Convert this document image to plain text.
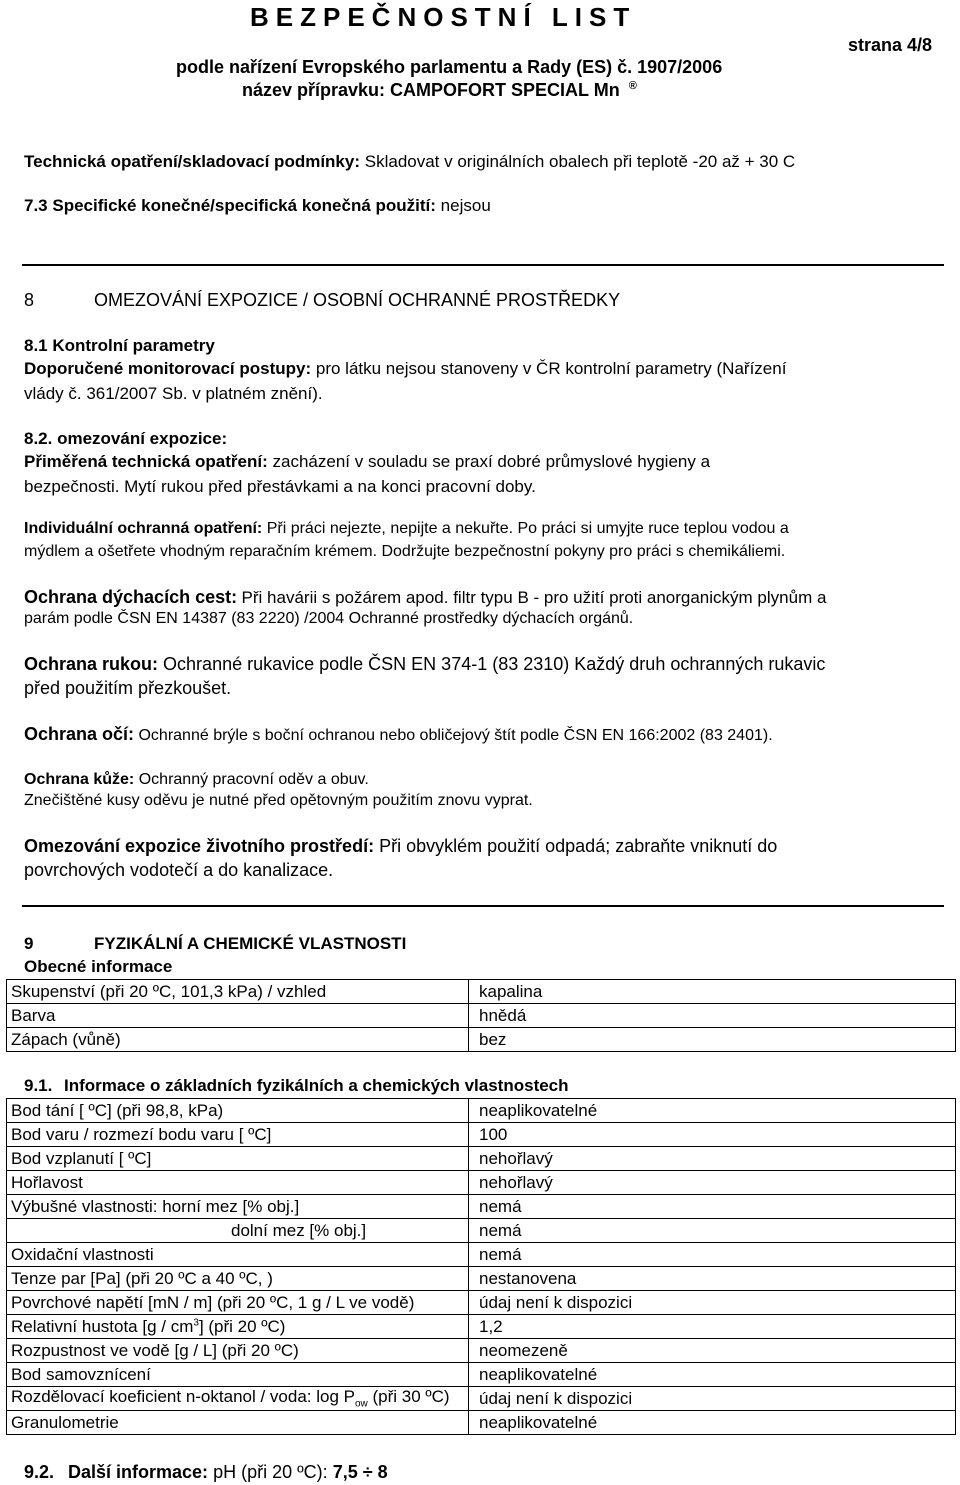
BEZPEČNOSTNÍ LIST
strana 4/8
podle nařízení Evropského parlamentu a Rady (ES) č. 1907/2006
název přípravku: CAMPOFORT SPECIAL Mn ®
Technická opatření/skladovací podmínky: Skladovat v originálních obalech při teplotě -20 až + 30 C
7.3 Specifické konečné/specifická konečná použití: nejsou
8	OMEZOVÁNÍ EXPOZICE / OSOBNÍ OCHRANNÉ PROSTŘEDKY
8.1 Kontrolní parametry
Doporučené monitorovací postupy: pro látku nejsou stanoveny v ČR kontrolní parametry (Nařízení
vlády č. 361/2007 Sb. v platném znění).
8.2. omezování expozice:
Přiměřená technická opatření: zacházení v souladu se praxí dobré průmyslové hygieny a
bezpečnosti. Mytí rukou před přestávkami a na konci pracovní doby.
Individuální ochranná opatření: Při práci nejezte, nepijte a nekuřte. Po práci si umyjte ruce teplou vodou a
mýdlem a ošetřete vhodným reparačním krémem. Dodržujte bezpečnostní pokyny pro práci s chemikáliemi.
Ochrana dýchacích cest: Při havárii s požárem apod. filtr typu B - pro užití proti anorganickým plynům a
parám podle ČSN EN 14387 (83 2220) /2004 Ochranné prostředky dýchacích orgánů.
Ochrana rukou: Ochranné rukavice podle ČSN EN 374-1 (83 2310) Každý druh ochranných rukavic
před použitím přezkoušet.
Ochrana očí: Ochranné brýle s boční ochranou nebo obličejový štít podle ČSN EN 166:2002 (83 2401).
Ochrana kůže: Ochranný pracovní oděv a obuv.
Znečištěné kusy oděvu je nutné před opětovným použitím znovu vyprat.
Omezování expozice životního prostředí: Při obvyklém použití odpadá; zabraňte vniknutí do
povrchových vodotečí a do kanalizace.
9	FYZIKÁLNÍ A CHEMICKÉ VLASTNOSTI
Obecné informace
Skupenství (při 20 ºC, 101,3 kPa) / vzhled	kapalina
Barva	hnědá
Zápach (vůně)	bez
9.1. Informace o základních fyzikálních a chemických vlastnostech
Bod tání [ ºC] (při 98,8, kPa)	neaplikovatelné
Bod varu / rozmezí bodu varu [ ºC]	100
Bod vzplanutí [ ºC]	nehořlavý
Hořlavost	nehořlavý
Výbušné vlastnosti: horní mez [% obj.]	nemá
dolní mez [% obj.]	nemá
Oxidační vlastnosti	nemá
Tenze par [Pa] (při 20 ºC a 40 ºC, )	nestanovena
Povrchové napětí [mN / m] (při 20 ºC, 1 g / L ve vodě)	údaj není k dispozici
Relativní hustota $[g / cm^3]$ (při 20 ºC)	1,2
Rozpustnost ve vodě [g / L] (při 20 ºC)	neomezeně
Bod samovznícení	neaplikovatelné
Rozdělovací koeficient n-oktanol / voda: $\log P_{ow}$ (při 30 ºC)	údaj není k dispozici
Granulometrie	neaplikovatelné
9.2. Další informace: pH (při 20 ºC): 7,5 ÷ 8
